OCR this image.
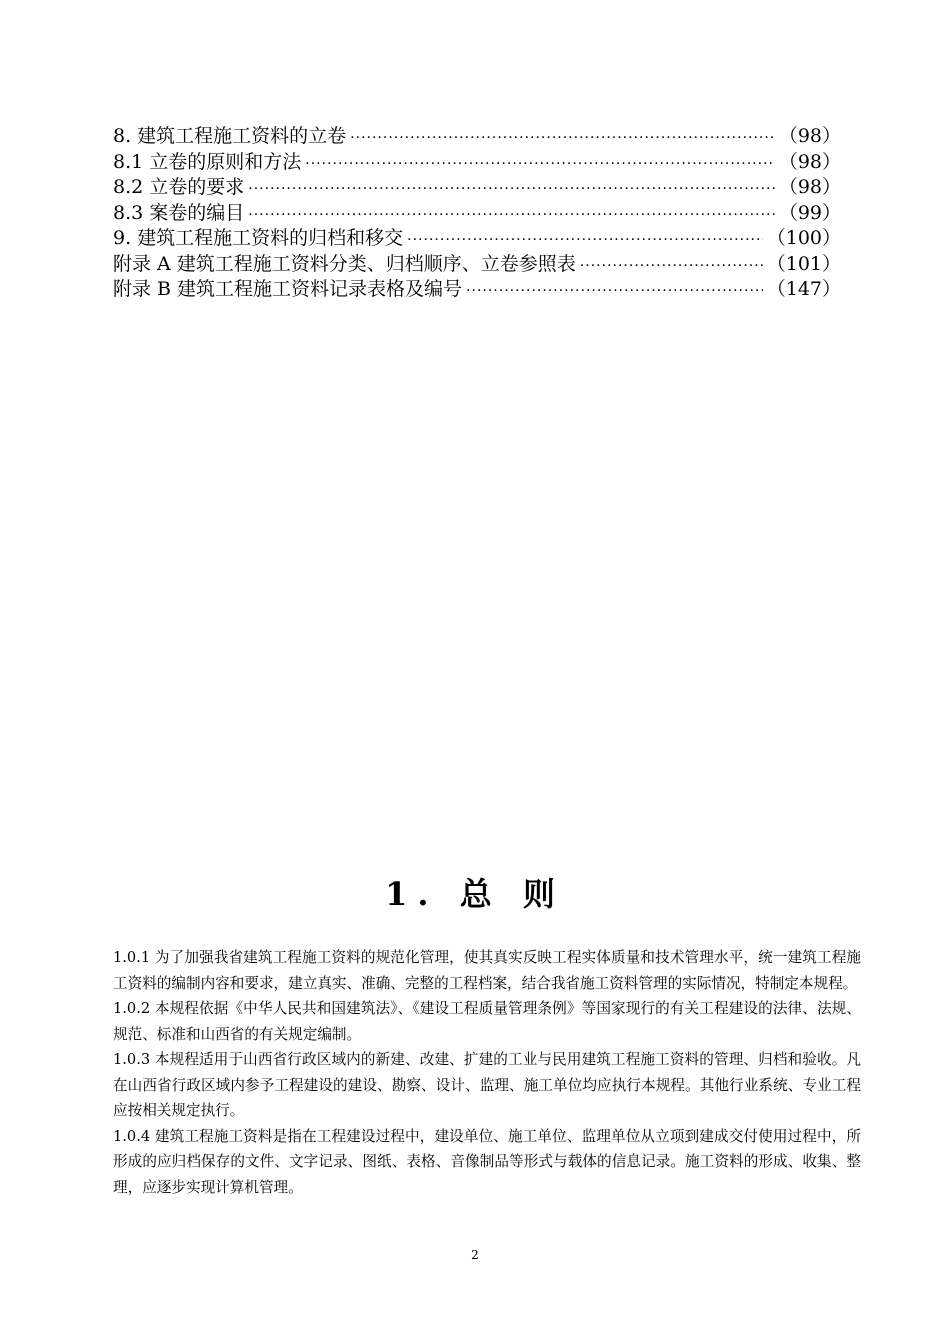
8. 建筑工程施工资料的立卷 ·····	（98）
8.1 立卷的原则和方法 ·····	（98）
8.2 立卷的要求 ·····	（98）
8.3 案卷的编目 ·····	（99）
9. 建筑工程施工资料的归档和移交 ·····	（100）
附录 A 建筑工程施工资料分类、归档顺序、立卷参照表 ·····	（101）
附录 B 建筑工程施工资料记录表格及编号 ·····	（147）
1. 总 则

1.0.1 为了加强我省建筑工程施工资料的规范化管理，使其真实反映工程实体质量和技术管理水平，统一建筑工程施工资料的编制内容和要求，建立真实、准确、完整的工程档案，结合我省施工资料管理的实际情况，特制定本规程。

1.0.2 本规程依据《中华人民共和国建筑法》、《建设工程质量管理条例》等国家现行的有关工程建设的法律、法规、规范、标准和山西省的有关规定编制。

1.0.3 本规程适用于山西省行政区域内的新建、改建、扩建的工业与民用建筑工程施工资料的管理、归档和验收。凡在山西省行政区域内参予工程建设的建设、勘察、设计、监理、施工单位均应执行本规程。其他行业系统、专业工程应按相关规定执行。

1.0.4 建筑工程施工资料是指在工程建设过程中，建设单位、施工单位、监理单位从立项到建成交付使用过程中，所形成的应归档保存的文件、文字记录、图纸、表格、音像制品等形式与载体的信息记录。施工资料的形成、收集、整理，应逐步实现计算机管理。

2
